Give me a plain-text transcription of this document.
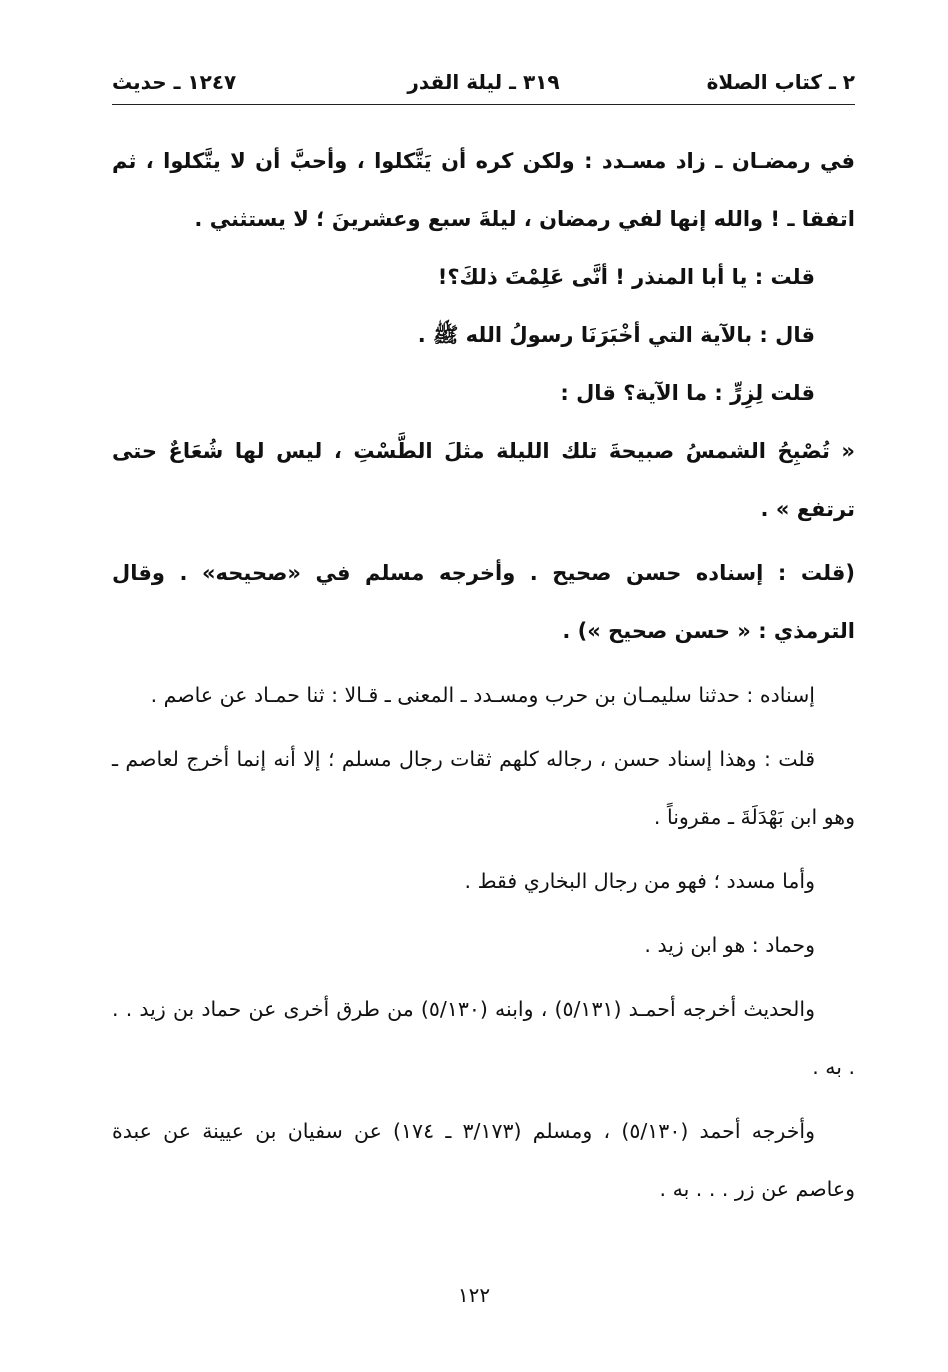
٢ ـ كتاب الصلاة
٣١٩ ـ ليلة القدر
١٢٤٧ ـ حديث

في رمضـان ـ زاد مسـدد : ولكن كره أن يَتَّكلوا ، وأحبَّ أن لا يتَّكلوا ، ثم اتفقا ـ ! والله إنها لفي رمضان ، ليلةَ سبع وعشرينَ ؛ لا يستثني .

قلت : يا أبا المنذر ! أنَّى عَلِمْتَ ذلكَ؟!

قال : بالآية التي أخْبَرَنَا رسولُ الله ﷺ .

قلت لِزِرٍّ : ما الآية؟ قال :

« تُصْبِحُ الشمسُ صبيحةَ تلك الليلة مثلَ الطَّسْتِ ، ليس لها شُعَاعٌ حتى ترتفع » .

(قلت : إسناده حسن صحيح . وأخرجه مسلم في «صحيحه» . وقال الترمذي : « حسن صحيح ») .

إسناده : حدثنا سليمـان بن حرب ومسـدد ـ المعنى ـ قـالا : ثنا حمـاد عن عاصم .

قلت : وهذا إسناد حسن ، رجاله كلهم ثقات رجال مسلم ؛ إلا أنه إنما أخرج لعاصم ـ وهو ابن بَهْدَلَةَ ـ مقروناً .

وأما مسدد ؛ فهو من رجال البخاري فقط .

وحماد : هو ابن زيد .

والحديث أخرجه أحمـد (٥/١٣١) ، وابنه (٥/١٣٠) من طرق أخرى عن حماد بن زيد . . . به .

وأخرجه أحمد (٥/١٣٠) ، ومسلم (٣/١٧٣ ـ ١٧٤) عن سفيان بن عيينة عن عبدة وعاصم عن زر . . . به .

١٢٢
